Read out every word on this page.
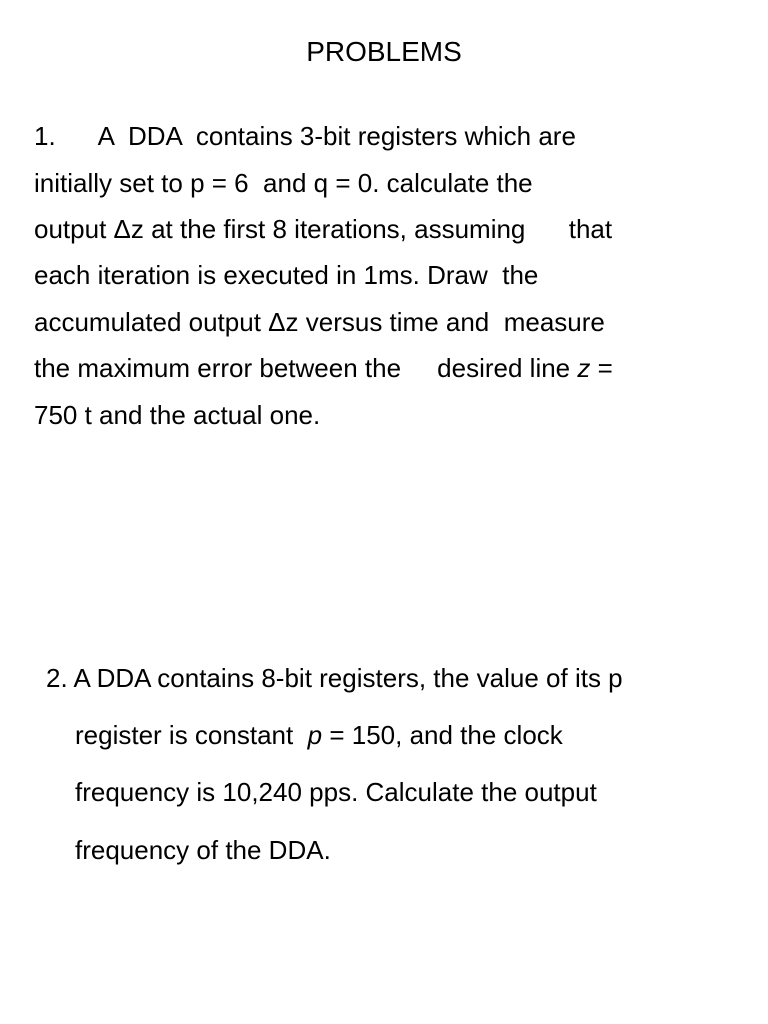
PROBLEMS
1.      A  DDA  contains 3-bit registers which are
initially set to p = 6  and q = 0. calculate the
output Δz at the first 8 iterations, assuming      that
each iteration is executed in 1ms. Draw  the
accumulated output Δz versus time and  measure
the maximum error between the     desired line z =
750 t and the actual one.
2. A DDA contains 8-bit registers, the value of its p
register is constant  p = 150, and the clock
frequency is 10,240 pps. Calculate the output
frequency of the DDA.
